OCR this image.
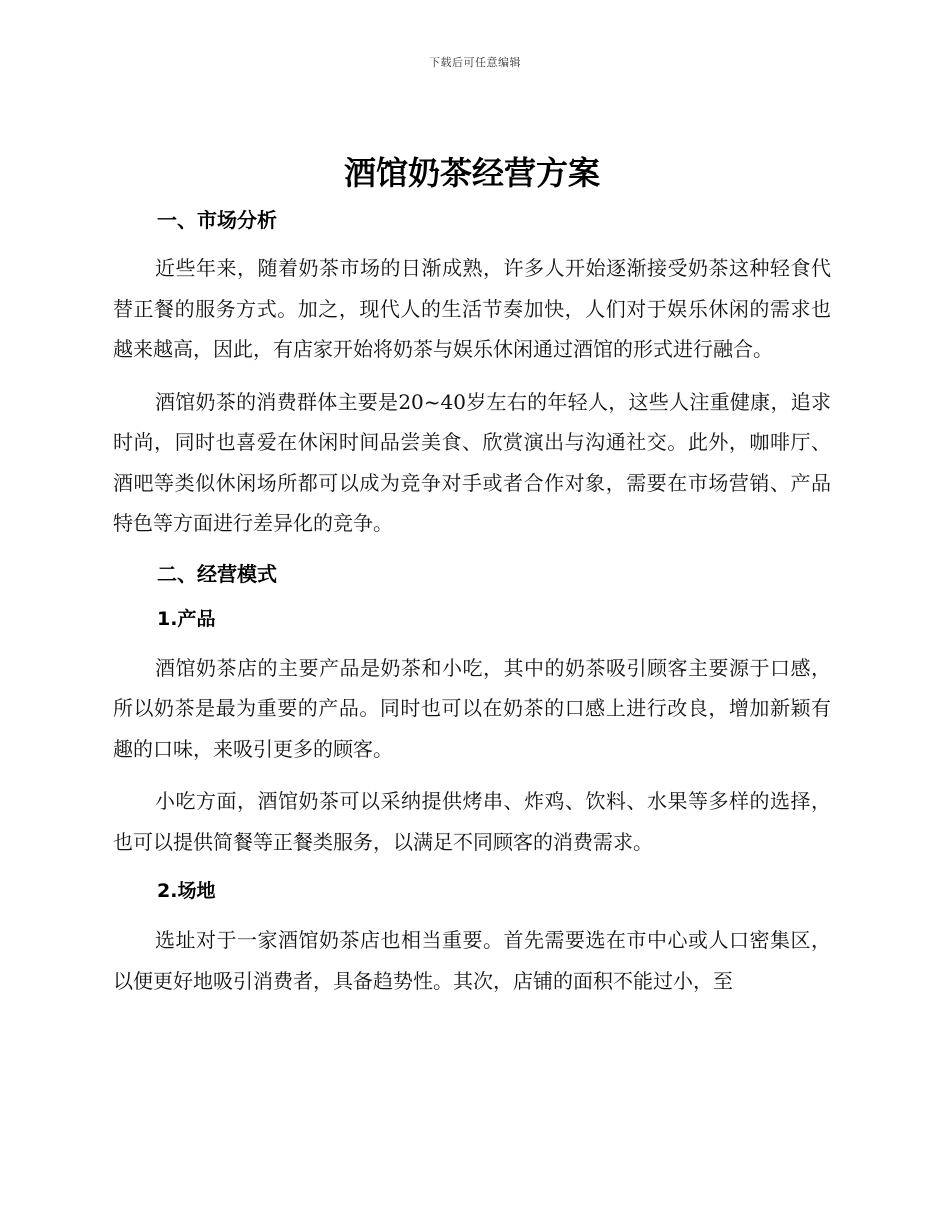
下载后可任意编辑
酒馆奶茶经营方案
一、市场分析

近些年来，随着奶茶市场的日渐成熟，许多人开始逐渐接受奶茶这种轻食代替正餐的服务方式。加之，现代人的生活节奏加快，人们对于娱乐休闲的需求也越来越高，因此，有店家开始将奶茶与娱乐休闲通过酒馆的形式进行融合。

酒馆奶茶的消费群体主要是20~40岁左右的年轻人，这些人注重健康，追求时尚，同时也喜爱在休闲时间品尝美食、欣赏演出与沟通社交。此外，咖啡厅、酒吧等类似休闲场所都可以成为竞争对手或者合作对象，需要在市场营销、产品特色等方面进行差异化的竞争。

二、经营模式
1.产品

酒馆奶茶店的主要产品是奶茶和小吃，其中的奶茶吸引顾客主要源于口感，所以奶茶是最为重要的产品。同时也可以在奶茶的口感上进行改良，增加新颖有趣的口味，来吸引更多的顾客。

小吃方面，酒馆奶茶可以采纳提供烤串、炸鸡、饮料、水果等多样的选择，也可以提供简餐等正餐类服务，以满足不同顾客的消费需求。

2.场地

选址对于一家酒馆奶茶店也相当重要。首先需要选在市中心或人口密集区，以便更好地吸引消费者，具备趋势性。其次，店铺的面积不能过小，至
